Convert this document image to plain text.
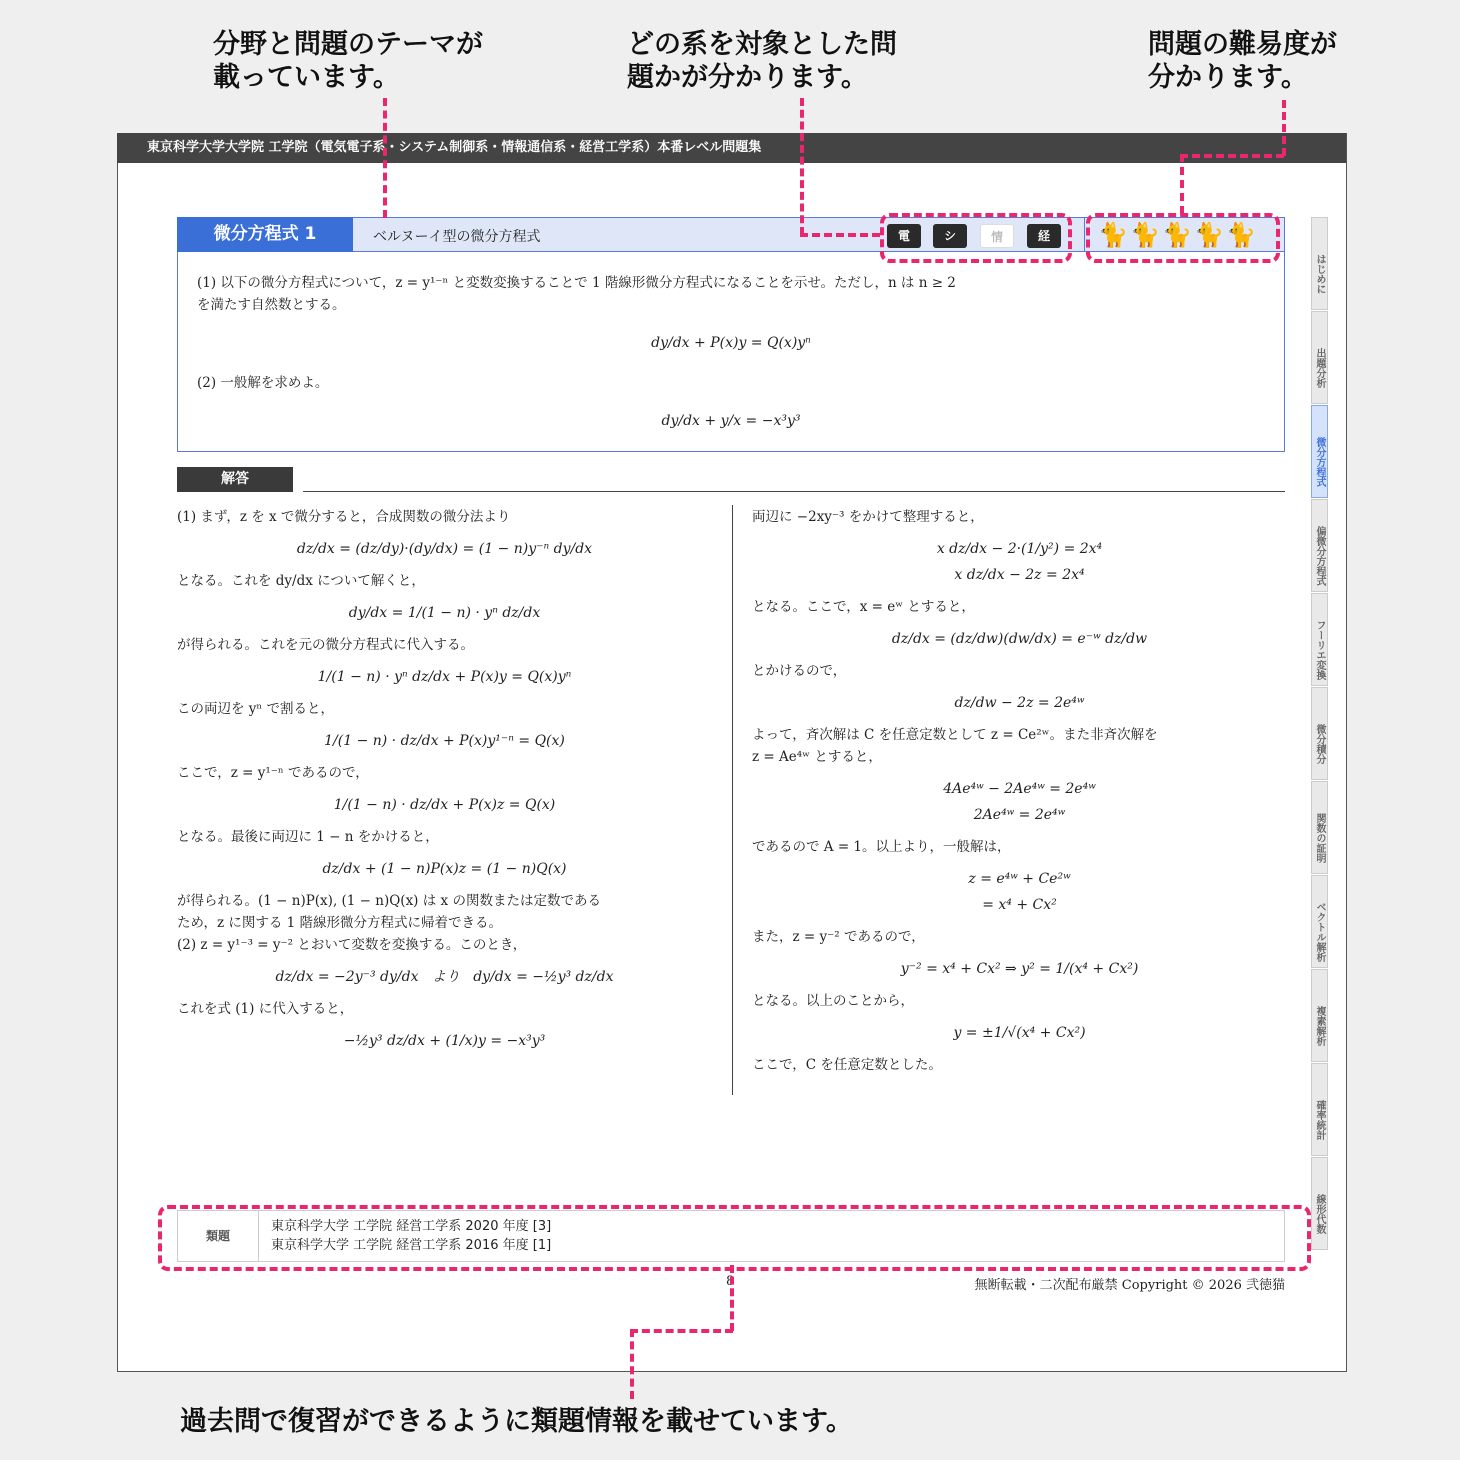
分野と問題のテーマが
載っています。
どの系を対象とした問
題かが分かります。
問題の難易度が
分かります。
東京科学大学大学院 工学院（電気電子系・システム制御系・情報通信系・経営工学系）本番レベル問題集
微分方程式 1	ベルヌーイ型の微分方程式	電	シ	情	経	🐈 🐈 🐈 🐈 🐈
(1) 以下の微分方程式について，z = y¹⁻ⁿ と変数変換することで 1 階線形微分方程式になることを示せ。ただし，n は n ≥ 2
を満たす自然数とする。
dy/dx + P(x)y = Q(x)yⁿ
(2) 一般解を求めよ。
dy/dx + y/x = −x³y³
解答
(1) まず，z を x で微分すると，合成関数の微分法より
dz/dx = (dz/dy)·(dy/dx) = (1 − n)y⁻ⁿ dy/dx
となる。これを dy/dx について解くと，
dy/dx = 1/(1 − n) · yⁿ dz/dx
が得られる。これを元の微分方程式に代入する。
1/(1 − n) · yⁿ dz/dx + P(x)y = Q(x)yⁿ
この両辺を yⁿ で割ると，
1/(1 − n) · dz/dx + P(x)y¹⁻ⁿ = Q(x)
ここで，z = y¹⁻ⁿ であるので，
1/(1 − n) · dz/dx + P(x)z = Q(x)
となる。最後に両辺に 1 − n をかけると，
dz/dx + (1 − n)P(x)z = (1 − n)Q(x)
が得られる。(1 − n)P(x), (1 − n)Q(x) は x の関数または定数である
ため，z に関する 1 階線形微分方程式に帰着できる。
(2) z = y¹⁻³ = y⁻² とおいて変数を変換する。このとき，
dz/dx = −2y⁻³ dy/dx   より   dy/dx = −½y³ dz/dx
これを式 (1) に代入すると，
−½y³ dz/dx + (1/x)y = −x³y³
両辺に −2xy⁻³ をかけて整理すると，
x dz/dx − 2·(1/y²) = 2x⁴
x dz/dx − 2z = 2x⁴
となる。ここで，x = eʷ とすると，
dz/dx = (dz/dw)(dw/dx) = e⁻ʷ dz/dw
とかけるので，
dz/dw − 2z = 2e⁴ʷ
よって，斉次解は C を任意定数として z = Ce²ʷ。また非斉次解を
z = Ae⁴ʷ とすると，
4Ae⁴ʷ − 2Ae⁴ʷ = 2e⁴ʷ
2Ae⁴ʷ = 2e⁴ʷ
であるので A = 1。以上より，一般解は，
z = e⁴ʷ + Ce²ʷ
= x⁴ + Cx²
また，z = y⁻² であるので，
y⁻² = x⁴ + Cx² ⇒ y² = 1/(x⁴ + Cx²)
となる。以上のことから，
y = ±1/√(x⁴ + Cx²)
ここで，C を任意定数とした。
類題
東京科学大学 工学院 経営工学系 2020 年度 [3]
東京科学大学 工学院 経営工学系 2016 年度 [1]
8	無断転載・二次配布厳禁 Copyright © 2026 弐徳猫
はじめに
出題分析
微分方程式
偏微分方程式
フーリエ変換
微分積分
関数の証明
ベクトル解析
複素解析
確率統計
線形代数
過去問で復習ができるように類題情報を載せています。
